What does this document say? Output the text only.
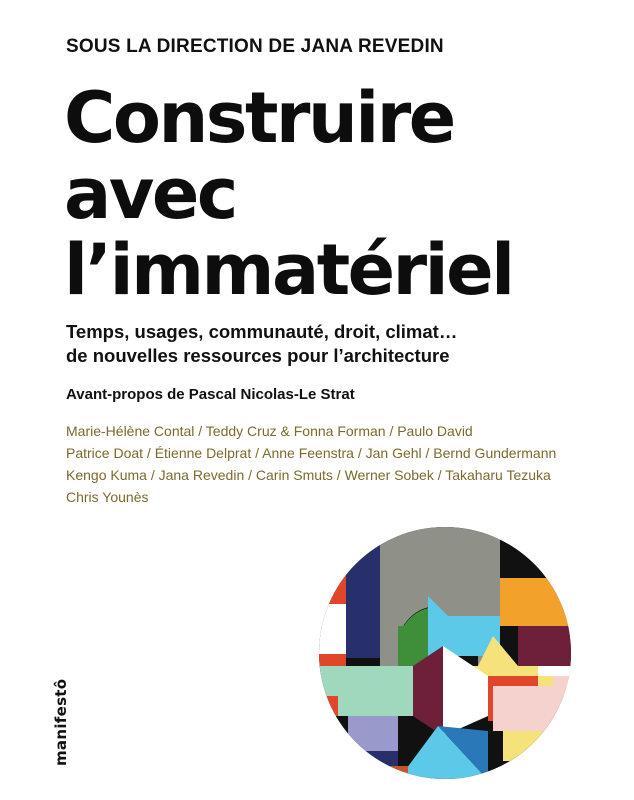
SOUS LA DIRECTION DE JANA REVEDIN
Construire
avec
l’immatériel
Temps, usages, communauté, droit, climat…
de nouvelles ressources pour l’architecture
Avant-propos de Pascal Nicolas-Le Strat
Marie-Hélène Contal / Teddy Cruz & Fonna Forman / Paulo David
Patrice Doat / Étienne Delprat / Anne Feenstra / Jan Gehl / Bernd Gundermann
Kengo Kuma / Jana Revedin / Carin Smuts / Werner Sobek / Takaharu Tezuka
Chris Younès
manifestô
